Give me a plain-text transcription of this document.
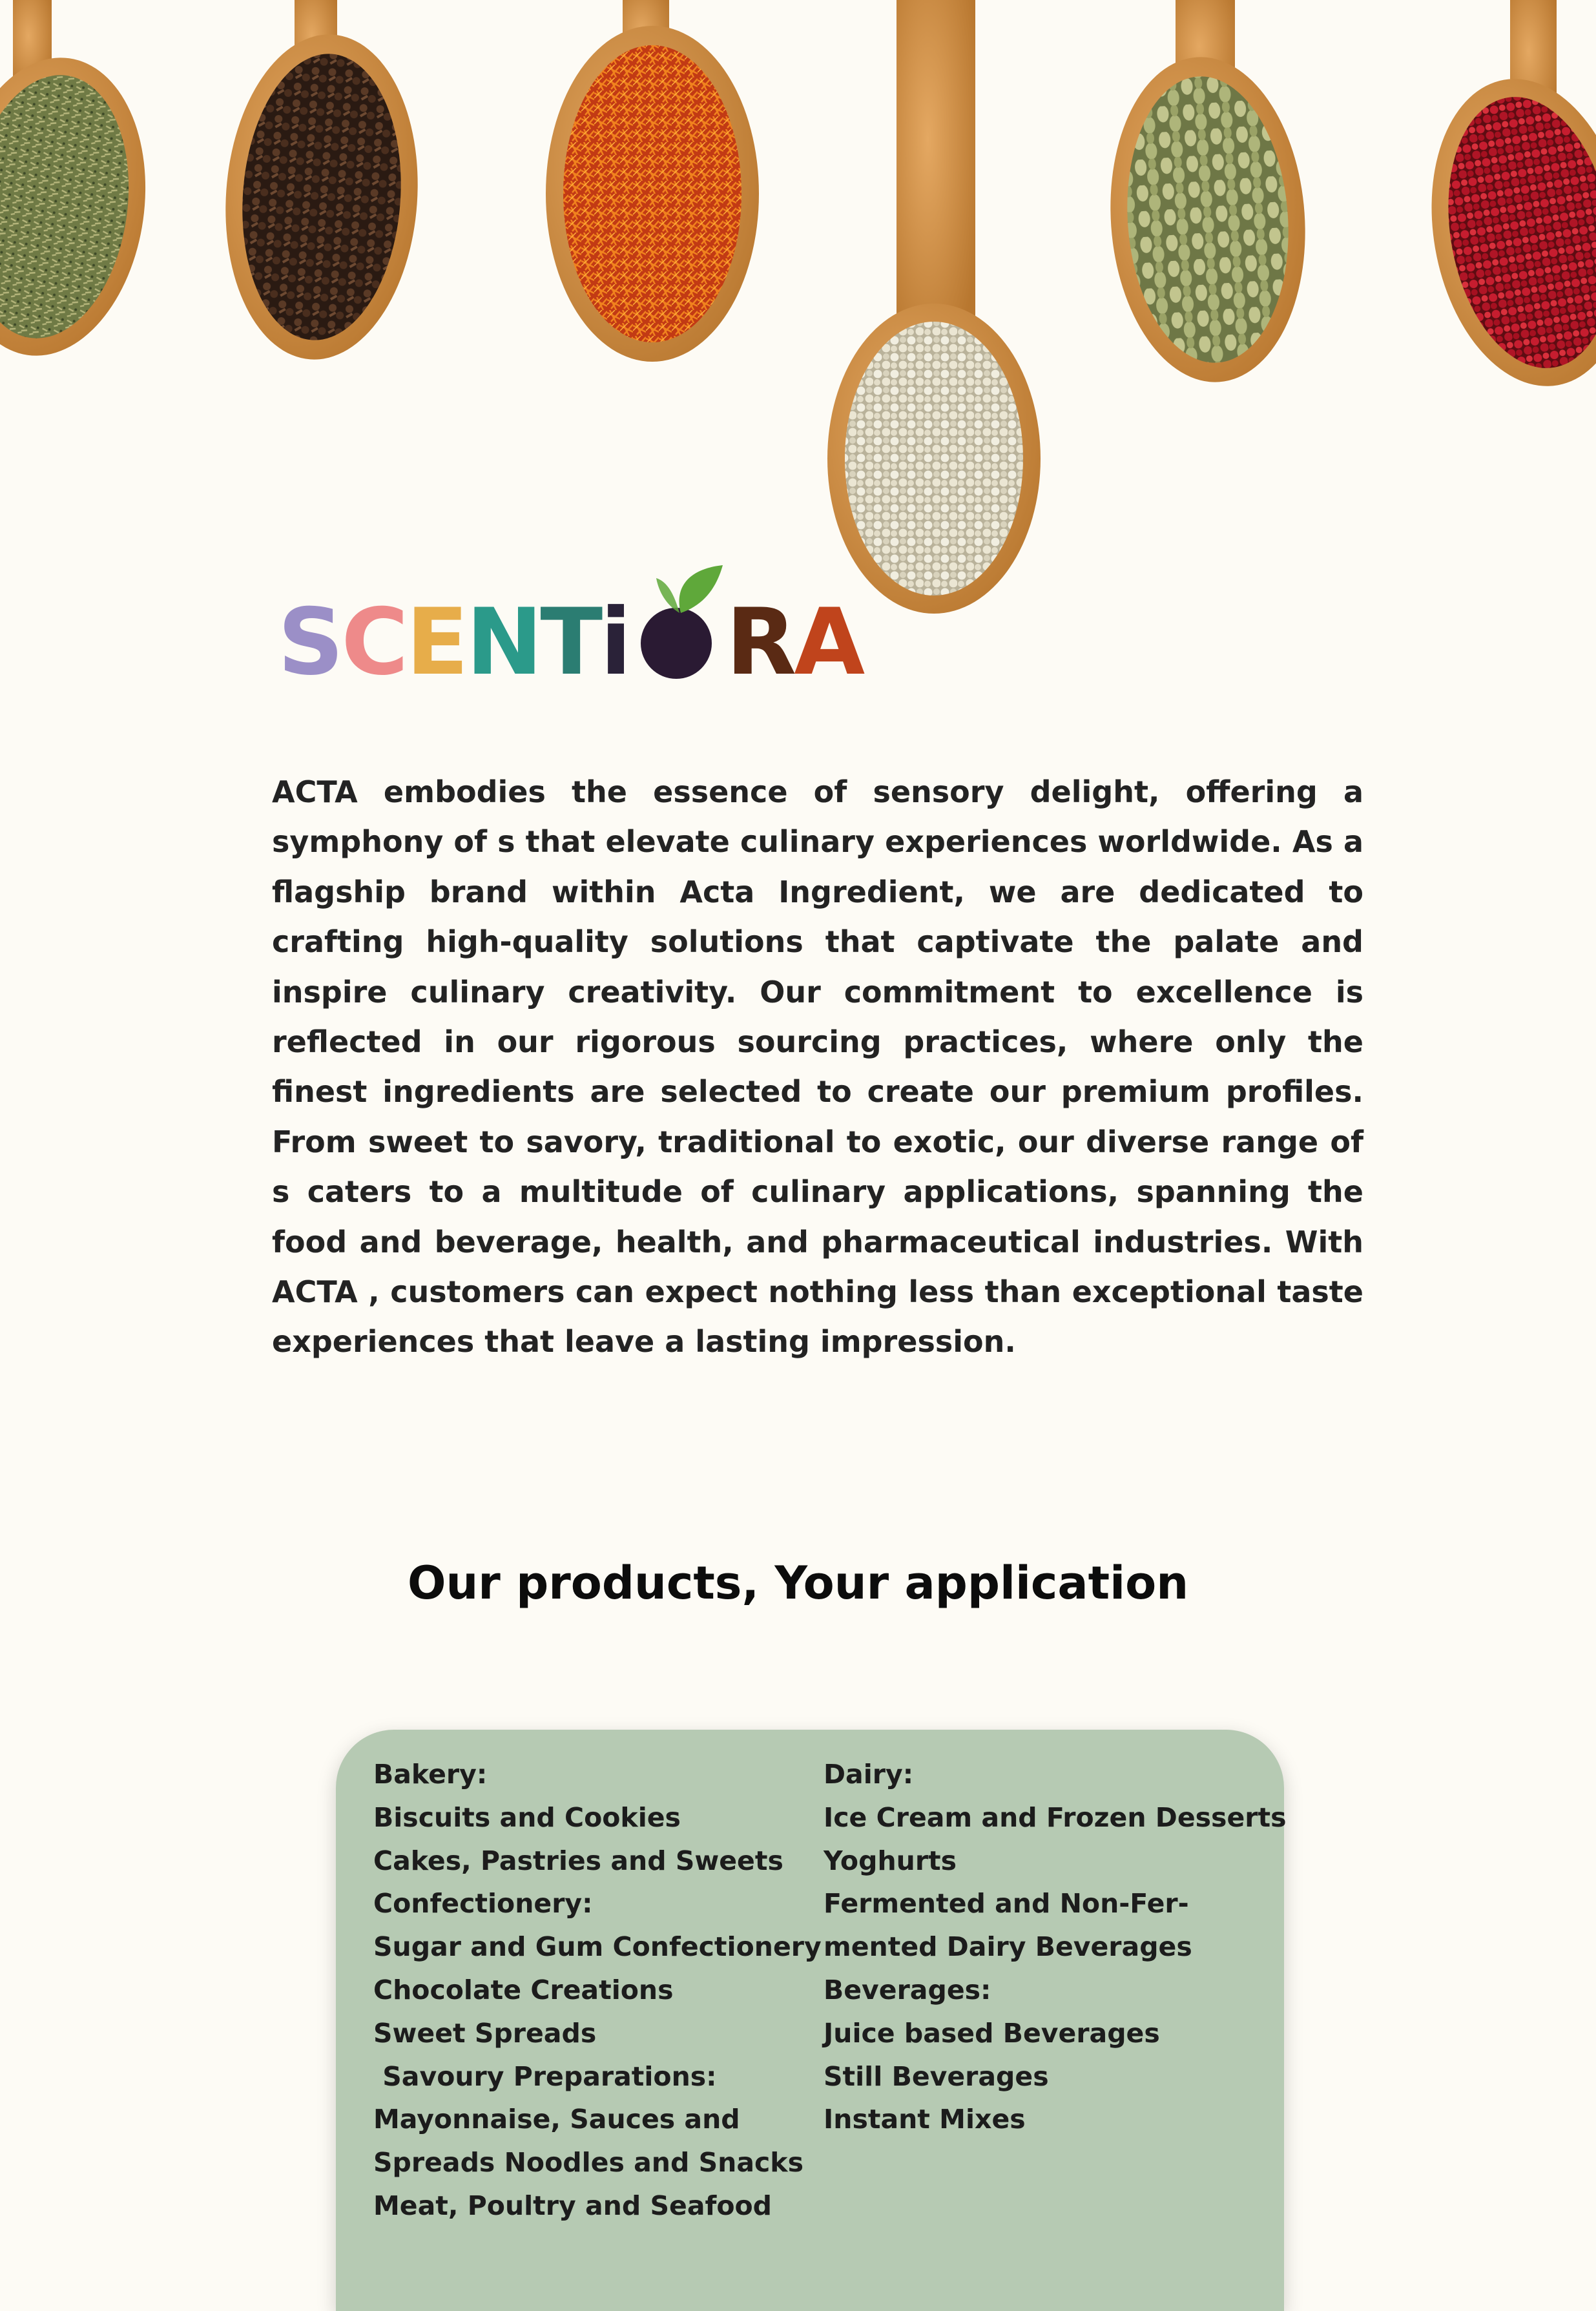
SCENTi RA

ACTA embodies the essence of sensory delight, offering a symphony of s that elevate culinary experiences worldwide. As a flagship brand within Acta Ingredient, we are dedicated to crafting high-quality solutions that captivate the palate and inspire culinary creativity. Our commitment to excellence is reflected in our rigorous sourcing practices, where only the finest ingredients are selected to create our premium profiles. From sweet to savory, traditional to exotic, our diverse range of s caters to a multitude of culinary applications, spanning the food and beverage, health, and pharmaceutical industries. With ACTA , customers can expect nothing less than exceptional taste experiences that leave a lasting impression.

Our products, Your application
Bakery:
Biscuits and Cookies
Cakes, Pastries and Sweets
Confectionery:
Sugar and Gum Confectionery
Chocolate Creations
Sweet Spreads
Savoury Preparations:
Mayonnaise, Sauces and
Spreads Noodles and Snacks
Meat, Poultry and Seafood
Dairy:
Ice Cream and Frozen Desserts
Yoghurts
Fermented and Non-Fer-
mented Dairy Beverages
Beverages:
Juice based Beverages
Still Beverages
Instant Mixes
